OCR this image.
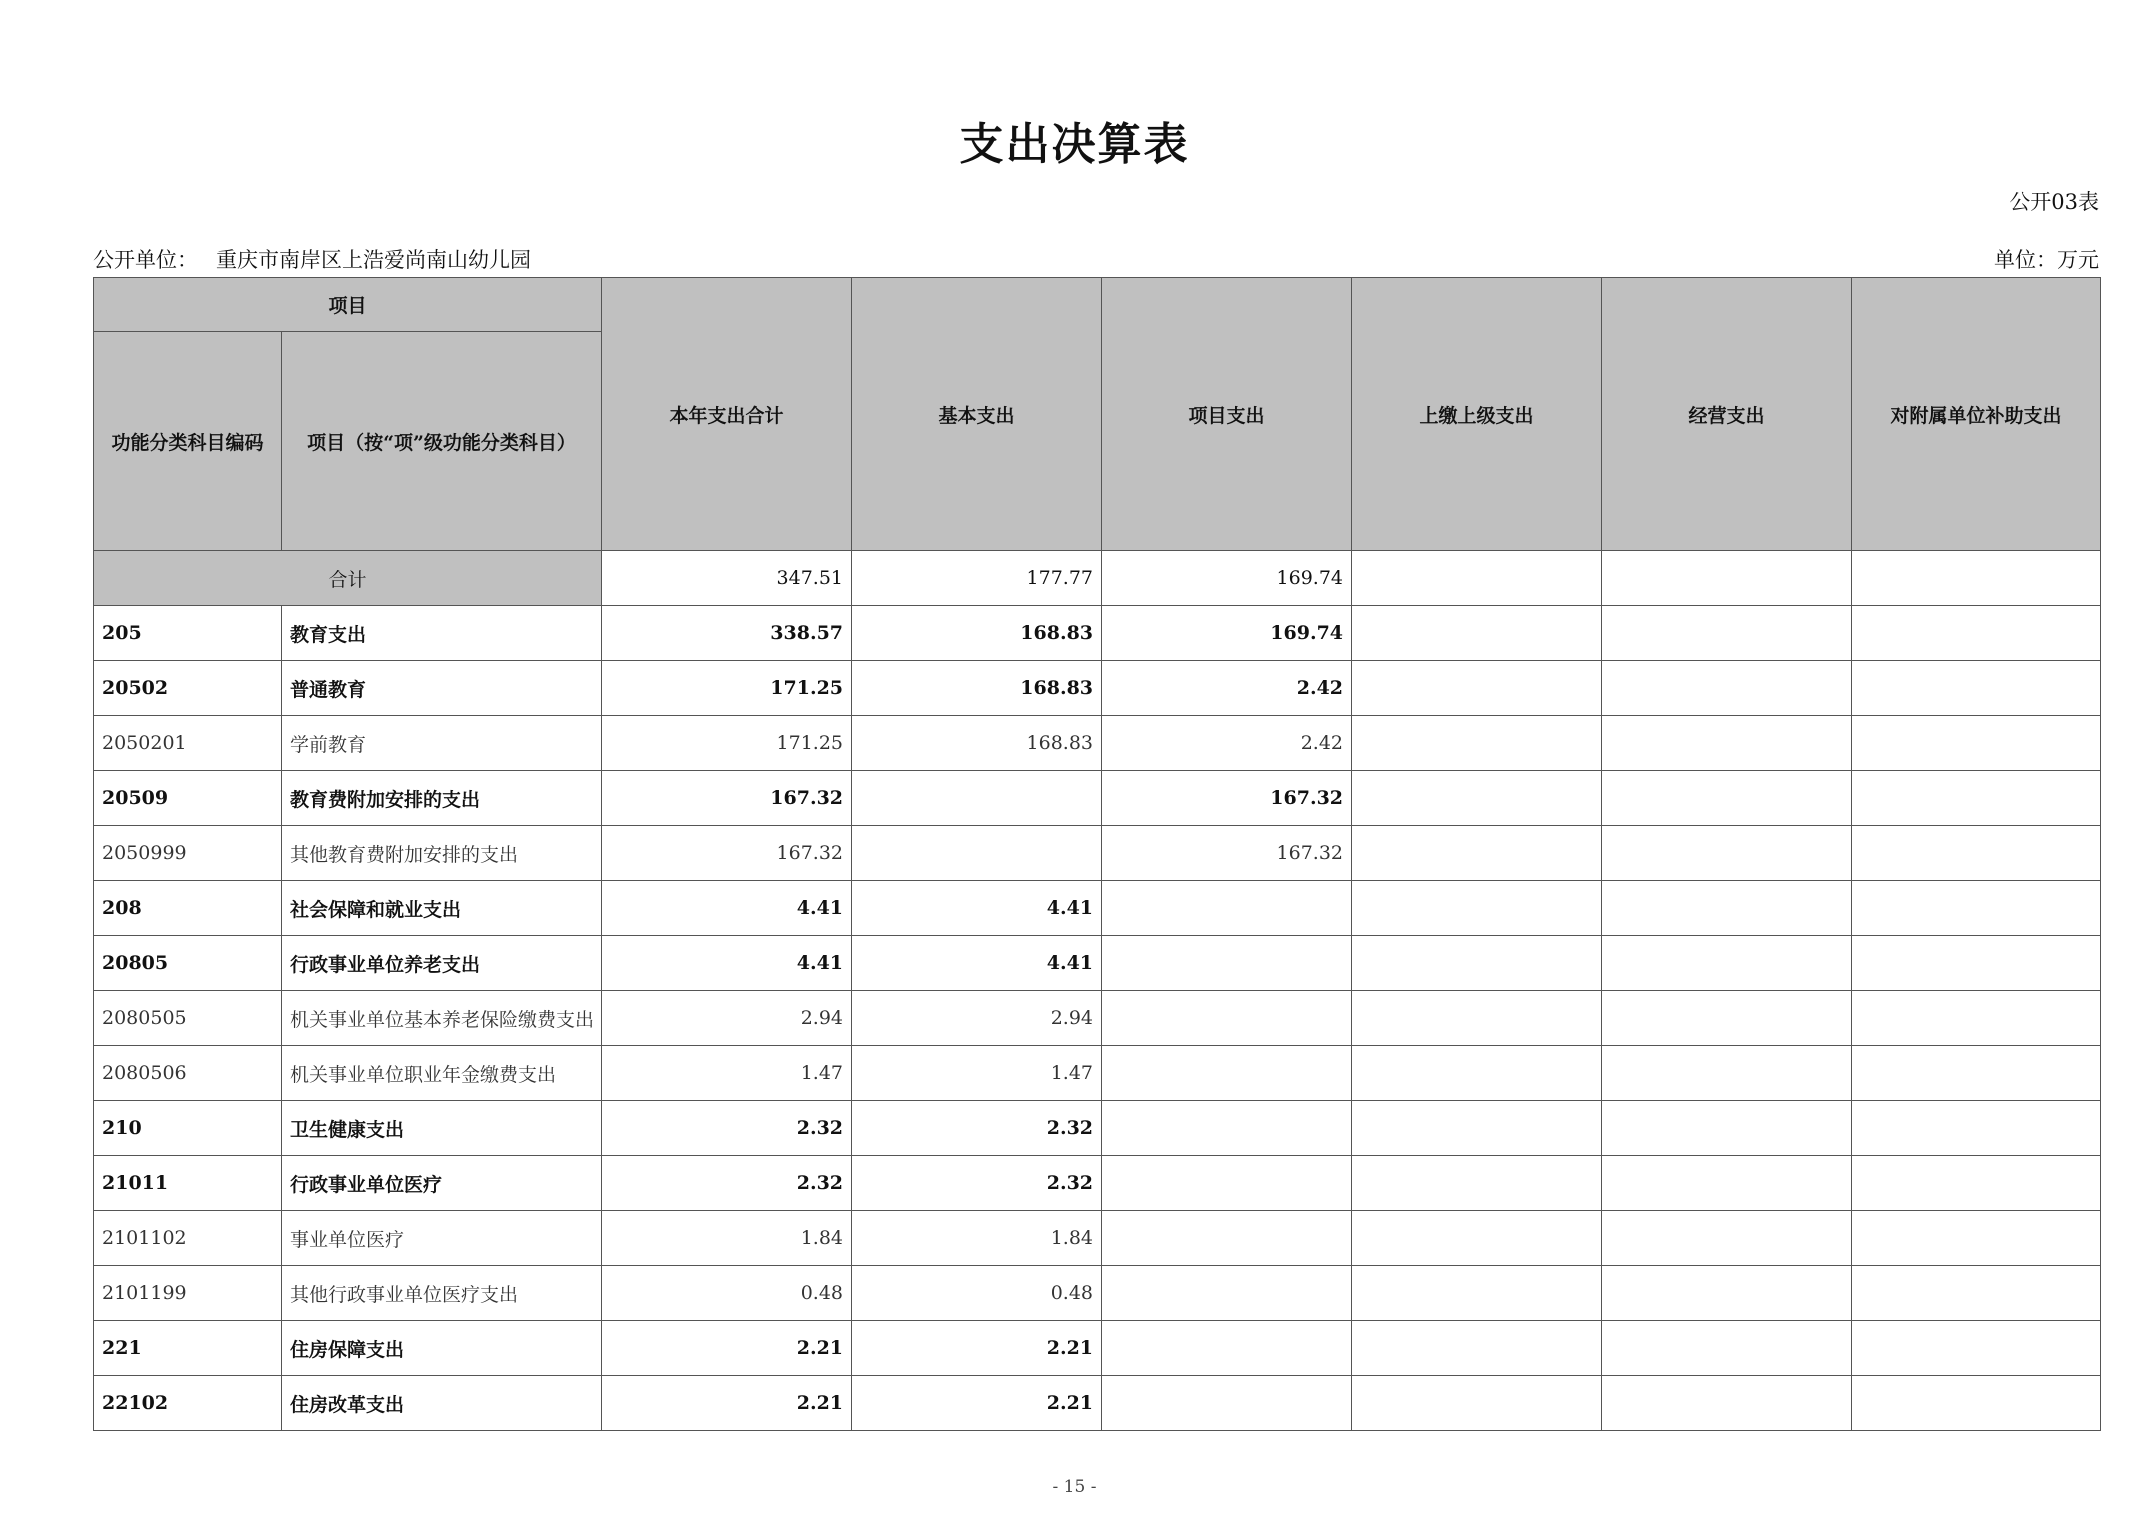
支出决算表
公开03表
公开单位： 重庆市南岸区上浩爱尚南山幼儿园	单位：万元
项目		本年支出合计	基本支出	项目支出	上缴上级支出	经营支出	对附属单位补助支出
功能分类科目编码	项目（按“项”级功能分类科目）						
合计		347.51	177.77	169.74			
205	教育支出	338.57	168.83	169.74			
20502	普通教育	171.25	168.83	2.42			
2050201	学前教育	171.25	168.83	2.42			
20509	教育费附加安排的支出	167.32		167.32			
2050999	其他教育费附加安排的支出	167.32		167.32			
208	社会保障和就业支出	4.41	4.41				
20805	行政事业单位养老支出	4.41	4.41				
2080505	机关事业单位基本养老保险缴费支出	2.94	2.94				
2080506	机关事业单位职业年金缴费支出	1.47	1.47				
210	卫生健康支出	2.32	2.32				
21011	行政事业单位医疗	2.32	2.32				
2101102	事业单位医疗	1.84	1.84				
2101199	其他行政事业单位医疗支出	0.48	0.48				
221	住房保障支出	2.21	2.21				
22102	住房改革支出	2.21	2.21				
- 15 -
